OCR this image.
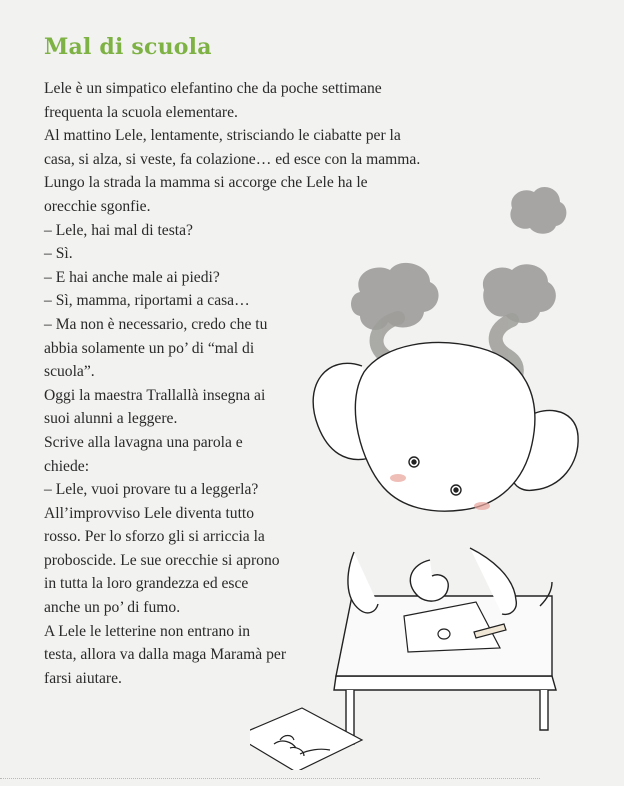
Mal di scuola
Lele è un simpatico elefantino che da poche settimane
frequenta la scuola elementare.
Al mattino Lele, lentamente, strisciando le ciabatte per la
casa, si alza, si veste, fa colazione… ed esce con la mamma.
Lungo la strada la mamma si accorge che Lele ha le
orecchie sgonfie.
– Lele, hai mal di testa?
– Sì.
– E hai anche male ai piedi?
– Sì, mamma, riportami a casa…
– Ma non è necessario, credo che tu
abbia solamente un po’ di “mal di
scuola”.
Oggi la maestra Trallallà insegna ai
suoi alunni a leggere.
Scrive alla lavagna una parola e
chiede:
– Lele, vuoi provare tu a leggerla?
All’improvviso Lele diventa tutto
rosso. Per lo sforzo gli si arriccia la
proboscide. Le sue orecchie si aprono
in tutta la loro grandezza ed esce
anche un po’ di fumo.
A Lele le letterine non entrano in
testa, allora va dalla maga Maramà per
farsi aiutare.
